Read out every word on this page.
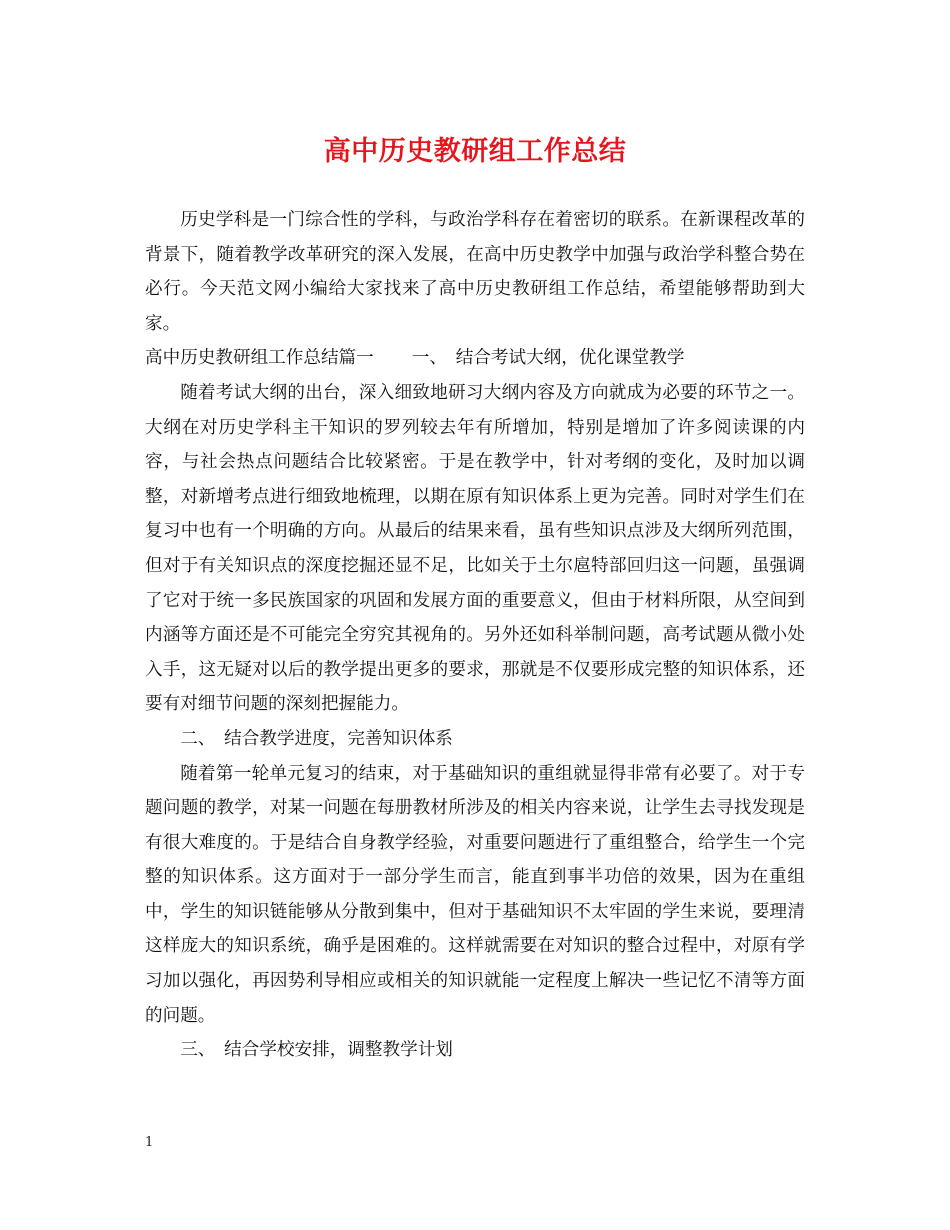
高中历史教研组工作总结

历史学科是一门综合性的学科，与政治学科存在着密切的联系。在新课程改革的背景下，随着教学改革研究的深入发展，在高中历史教学中加强与政治学科整合势在必行。今天范文网小编给大家找来了高中历史教研组工作总结，希望能够帮助到大家。

高中历史教研组工作总结篇一 一、　结合考试大纲，优化课堂教学

随着考试大纲的出台，深入细致地研习大纲内容及方向就成为必要的环节之一。大纲在对历史学科主干知识的罗列较去年有所增加，特别是增加了许多阅读课的内容，与社会热点问题结合比较紧密。于是在教学中，针对考纲的变化，及时加以调整，对新增考点进行细致地梳理，以期在原有知识体系上更为完善。同时对学生们在复习中也有一个明确的方向。从最后的结果来看，虽有些知识点涉及大纲所列范围，但对于有关知识点的深度挖掘还显不足，比如关于土尔扈特部回归这一问题，虽强调了它对于统一多民族国家的巩固和发展方面的重要意义，但由于材料所限，从空间到内涵等方面还是不可能完全穷究其视角的。另外还如科举制问题，高考试题从微小处入手，这无疑对以后的教学提出更多的要求，那就是不仅要形成完整的知识体系，还要有对细节问题的深刻把握能力。

二、　结合教学进度，完善知识体系

随着第一轮单元复习的结束，对于基础知识的重组就显得非常有必要了。对于专题问题的教学，对某一问题在每册教材所涉及的相关内容来说，让学生去寻找发现是有很大难度的。于是结合自身教学经验，对重要问题进行了重组整合，给学生一个完整的知识体系。这方面对于一部分学生而言，能直到事半功倍的效果，因为在重组中，学生的知识链能够从分散到集中，但对于基础知识不太牢固的学生来说，要理清这样庞大的知识系统，确乎是困难的。这样就需要在对知识的整合过程中，对原有学习加以强化，再因势利导相应或相关的知识就能一定程度上解决一些记忆不清等方面的问题。

三、　结合学校安排，调整教学计划

1
